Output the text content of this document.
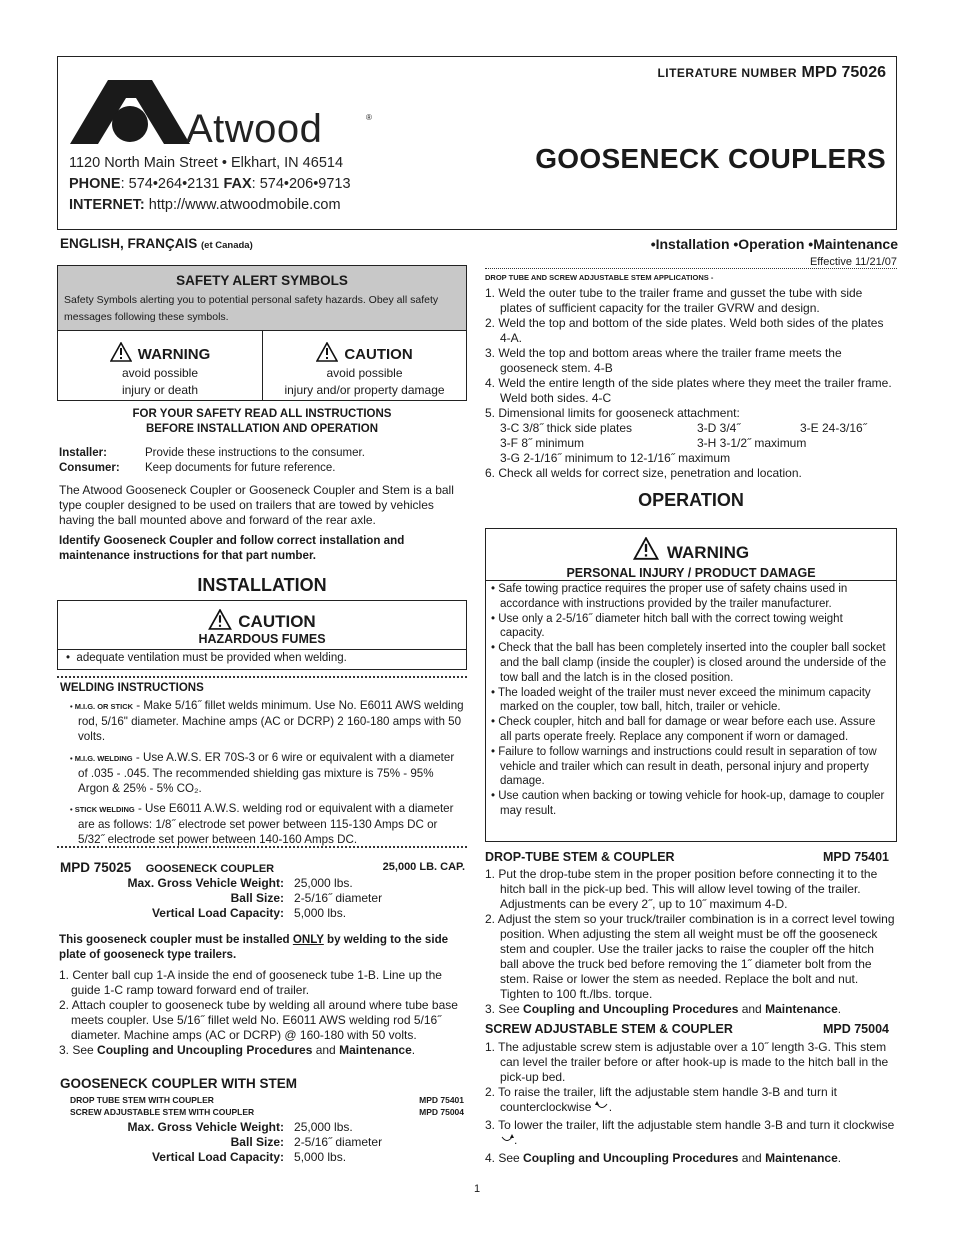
Atwood	®
1120 North Main Street • Elkhart, IN 46514
PHONE: 574•264•2131 FAX: 574•206•9713
INTERNET: http://www.atwoodmobile.com
LITERATURE NUMBER MPD 75026
GOOSENECK COUPLERS
ENGLISH, FRANÇAIS (et Canada)	•Installation •Operation •Maintenance
Effective 11/21/07
SAFETY ALERT SYMBOLS
Safety Symbols alerting you to potential personal safety hazards. Obey all safety messages following these symbols.
WARNING
avoid possible
injury or death
CAUTION
avoid possible
injury and/or property damage
FOR YOUR SAFETY READ ALL INSTRUCTIONS
BEFORE INSTALLATION AND OPERATION
Installer:	Provide these instructions to the consumer.
Consumer: Keep documents for future reference.
The Atwood Gooseneck Coupler or Gooseneck Coupler and Stem is a ball type coupler designed to be used on trailers that are towed by vehicles having the ball mounted above and forward of the rear axle.
Identify Gooseneck Coupler and follow correct installation and maintenance instructions for that part number.
INSTALLATION
CAUTION
HAZARDOUS FUMES
•  adequate ventilation must be provided when welding.
WELDING INSTRUCTIONS
• M.I.G. OR STICK - Make 5/16˝ fillet welds minimum. Use No. E6011 AWS welding rod, 5/16" diameter. Machine amps (AC or DCRP) 2 160-180 amps with 50 volts.
• M.I.G. WELDING - Use A.W.S. ER 70S-3 or 6 wire or equivalent with a diameter of .035 - .045. The recommended shielding gas mixture is 75% - 95% Argon & 25% - 5% CO₂.
• STICK WELDING - Use E6011 A.W.S. welding rod or equivalent with a diameter are as follows: 1/8˝ electrode set power between 115-130 Amps DC or 5/32˝ electrode set power between 140-160 Amps DC.
MPD 75025 GOOSENECK COUPLER	25,000 LB. CAP.
Max. Gross Vehicle Weight: 25,000 lbs.
Ball Size: 2-5/16˝ diameter
Vertical Load Capacity: 5,000 lbs.
This gooseneck coupler must be installed ONLY by welding to the side plate of gooseneck type trailers.
1. Center ball cup 1-A inside the end of gooseneck tube 1-B. Line up the guide 1-C ramp toward forward end of trailer.
2. Attach coupler to gooseneck tube by welding all around where tube base meets coupler. Use 5/16˝ fillet weld No. E6011 AWS welding rod 5/16˝ diameter. Machine amps (AC or DCRP) @ 160-180 with 50 volts.
3. See Coupling and Uncoupling Procedures and Maintenance.
GOOSENECK COUPLER WITH STEM
DROP TUBE STEM WITH COUPLER	MPD 75401
SCREW ADJUSTABLE STEM WITH COUPLER	MPD 75004
Max. Gross Vehicle Weight: 25,000 lbs.
Ball Size: 2-5/16˝ diameter
Vertical Load Capacity: 5,000 lbs.
DROP TUBE AND SCREW ADJUSTABLE STEM APPLICATIONS -
1. Weld the outer tube to the trailer frame and gusset the tube with side plates of sufficient capacity for the trailer GVRW and design.
2. Weld the top and bottom of the side plates. Weld both sides of the plates 4-A.
3. Weld the top and bottom areas where the trailer frame meets the gooseneck stem. 4-B
4. Weld the entire length of the side plates where they meet the trailer frame. Weld both sides. 4-C
5. Dimensional limits for gooseneck attachment:
3-C 3/8˝ thick side plates	3-D 3/4˝	3-E 24-3/16˝
3-F 8˝ minimum	3-H 3-1/2˝ maximum
3-G 2-1/16˝ minimum to 12-1/16˝ maximum
6. Check all welds for correct size, penetration and location.
OPERATION
WARNING
PERSONAL INJURY / PRODUCT DAMAGE
• Safe towing practice requires the proper use of safety chains used in accordance with instructions provided by the trailer manufacturer.
• Use only a 2-5/16˝ diameter hitch ball with the correct towing weight capacity.
• Check that the ball has been completely inserted into the coupler ball socket and the ball clamp (inside the coupler) is closed around the underside of the tow ball and the latch is in the closed position.
• The loaded weight of the trailer must never exceed the minimum capacity marked on the coupler, tow ball, hitch, trailer or vehicle.
• Check coupler, hitch and ball for damage or wear before each use. Assure all parts operate freely. Replace any component if worn or damaged.
• Failure to follow warnings and instructions could result in separation of tow vehicle and trailer which can result in death, personal injury and property damage.
• Use caution when backing or towing vehicle for hook-up, damage to coupler may result.
DROP-TUBE STEM & COUPLER	MPD 75401
1. Put the drop-tube stem in the proper position before connecting it to the hitch ball in the pick-up bed. This will allow level towing of the trailer. Adjustments can be every 2˝, up to 10˝ maximum 4-D.
2. Adjust the stem so your truck/trailer combination is in a correct level towing position. When adjusting the stem all weight must be off the gooseneck stem and coupler. Use the trailer jacks to raise the coupler off the hitch ball above the truck bed before removing the 1˝ diameter bolt from the stem. Raise or lower the stem as needed. Replace the bolt and nut. Tighten to 100 ft./lbs. torque.
3. See Coupling and Uncoupling Procedures and Maintenance.
SCREW ADJUSTABLE STEM & COUPLER	MPD 75004
1. The adjustable screw stem is adjustable over a 10˝ length 3-G. This stem can level the trailer before or after hook-up is made to the hitch ball in the pick-up bed.
2. To raise the trailer, lift the adjustable stem handle 3-B and turn it counterclockwise .
3. To lower the trailer, lift the adjustable stem handle 3-B and turn it clockwise .
4. See Coupling and Uncoupling Procedures and Maintenance.
1
